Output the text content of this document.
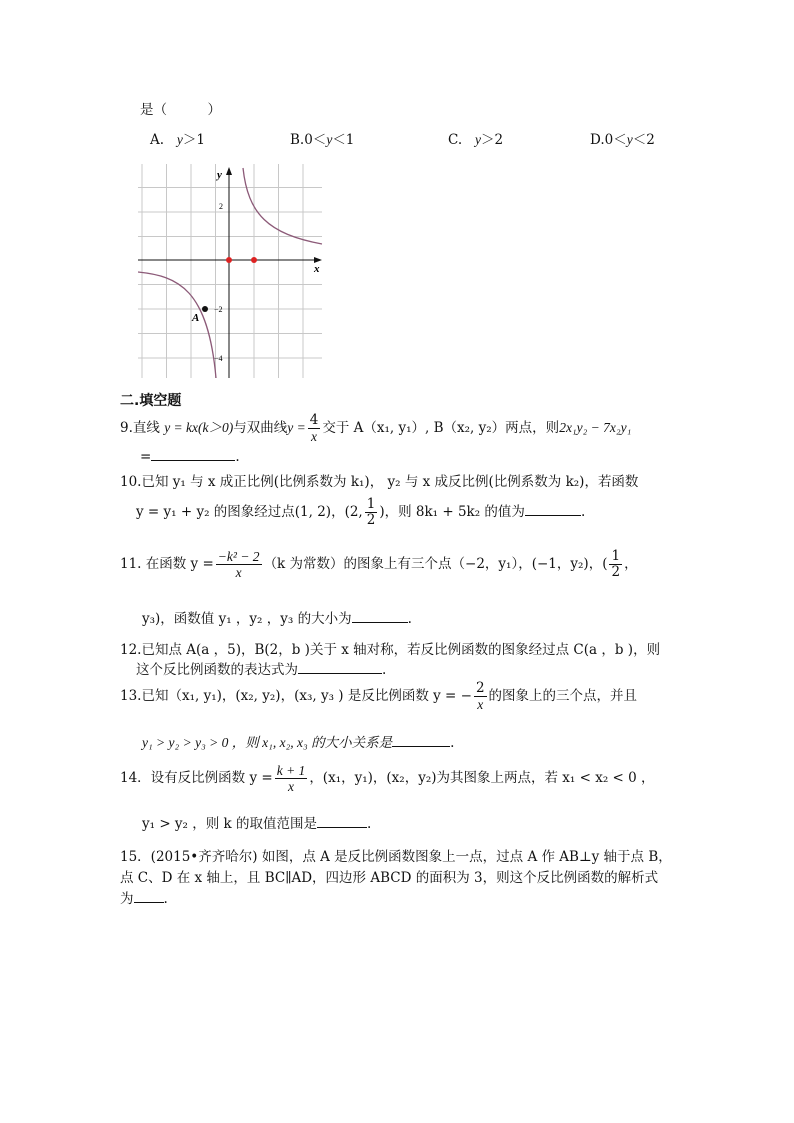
是（　　　）
A. y＞1	B.0＜y＜1	C. y＞2	D.0＜y＜2
x
y
2
−2
−4
A
二.填空题
9.直线 y = kx(k＞0)与双曲线$y = \frac{4}{x}$ 交于 A（x₁, y₁）, B（x₂, y₂）两点，则2x₁y₂ − 7x₂y₁
=	.
10.已知 y₁ 与 x 成正比例(比例系数为 k₁)， y₂ 与 x 成反比例(比例系数为 k₂)，若函数
y = y₁ + y₂ 的图象经过点(1, 2)，(2, $\frac{1}{2}$ )，则 8k₁ + 5k₂ 的值为	.
11. 在函数 $y = \frac{\text{−k² − 2}}{x} (k$ 为常数）的图象上有三个点（−2，y₁），(−1，y₂)，( $\frac{1}{2}$ ，
y₃)，函数值 y₁ ，y₂ ，y₃ 的大小为	.
12.已知点 A(a ，5)，B(2，b )关于 x 轴对称，若反比例函数的图象经过点 C(a ，b )，则
这个反比例函数的表达式为	.
13.已知（x₁, y₁)，(x₂, y₂)，(x₃, y₃ ) 是反比例函数 y = − $\frac{2}{x}$ 的图象上的三个点，并且
y₁ > y₂ > y₃ > 0 ，则 x₁, x₂, x₃ 的大小关系是	.
14．设有反比例函数 $y = \frac{k + 1}{x}$ ，(x₁，y₁)，(x₂，y₂)为其图象上两点，若 x₁ < x₂ < 0 ，
y₁ > y₂ ，则 k 的取值范围是	.
15．(2015•齐齐哈尔) 如图，点 A 是反比例函数图象上一点，过点 A 作 AB⊥y 轴于点 B，
点 C、D 在 x 轴上，且 BC∥AD，四边形 ABCD 的面积为 3，则这个反比例函数的解析式
为 .
